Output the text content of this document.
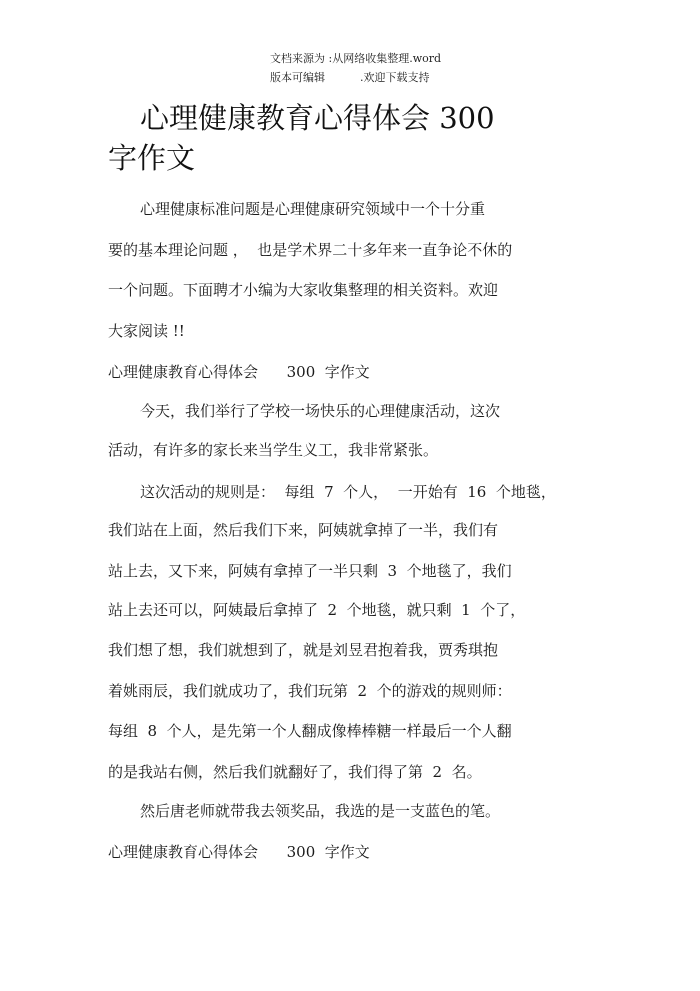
文档来源为 :从网络收集整理.word
版本可编辑          .欢迎下载支持
心理健康教育心得体会 300
字作文
心理健康标准问题是心理健康研究领域中一个十分重
要的基本理论问题 ，  也是学术界二十多年来一直争论不休的
一个问题。下面聘才小编为大家收集整理的相关资料。欢迎
大家阅读 !!
心理健康教育心得体会      300  字作文
今天，我们举行了学校一场快乐的心理健康活动，这次
活动，有许多的家长来当学生义工，我非常紧张。
这次活动的规则是：  每组  7  个人，  一开始有  16  个地毯，
我们站在上面，然后我们下来，阿姨就拿掉了一半，我们有
站上去，又下来，阿姨有拿掉了一半只剩  3  个地毯了，我们
站上去还可以，阿姨最后拿掉了  2  个地毯，就只剩  1  个了，
我们想了想，我们就想到了，就是刘昱君抱着我，贾秀琪抱
着姚雨辰，我们就成功了，我们玩第  2  个的游戏的规则师：
每组  8  个人，是先第一个人翻成像棒棒糖一样最后一个人翻
的是我站右侧，然后我们就翻好了，我们得了第  2  名。
然后唐老师就带我去领奖品，我选的是一支蓝色的笔。
心理健康教育心得体会      300  字作文
